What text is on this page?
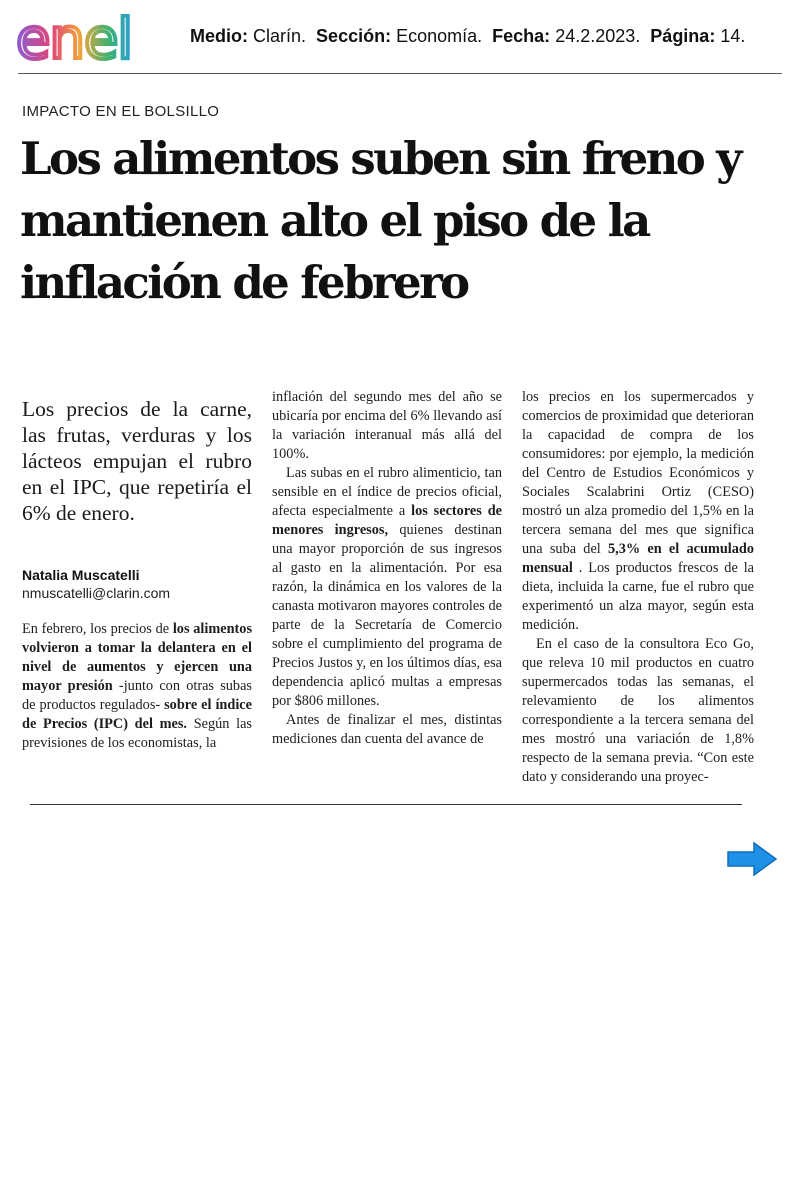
enel	Medio: Clarín. Sección: Economía. Fecha: 24.2.2023. Página: 14.
IMPACTO EN EL BOLSILLO
Los alimentos suben sin freno y mantienen alto el piso de la inflación de febrero

Los precios de la carne, las frutas, verduras y los lácteos empujan el rubro en el IPC, que repetiría el 6% de enero.

Natalia Muscatelli
nmuscatelli@clarin.com

En febrero, los precios de los alimentos volvieron a tomar la delantera en el nivel de aumentos y ejercen una mayor presión -junto con otras subas de productos regulados- sobre el índice de Precios (IPC) del mes. Según las previsiones de los economistas, la

inflación del segundo mes del año se ubicaría por encima del 6% llevando así la variación interanual más allá del 100%.

Las subas en el rubro alimenticio, tan sensible en el índice de precios oficial, afecta especialmente a los sectores de menores ingresos, quienes destinan una mayor proporción de sus ingresos al gasto en la alimentación. Por esa razón, la dinámica en los valores de la canasta motivaron mayores controles de parte de la Secretaría de Comercio sobre el cumplimiento del programa de Precios Justos y, en los últimos días, esa dependencia aplicó multas a empresas por $806 millones.

Antes de finalizar el mes, distintas mediciones dan cuenta del avance de

los precios en los supermercados y comercios de proximidad que deterioran la capacidad de compra de los consumidores: por ejemplo, la medición del Centro de Estudios Económicos y Sociales Scalabrini Ortiz (CESO) mostró un alza promedio del 1,5% en la tercera semana del mes que significa una suba del 5,3% en el acumulado mensual . Los productos frescos de la dieta, incluida la carne, fue el rubro que experimentó un alza mayor, según esta medición.

En el caso de la consultora Eco Go, que releva 10 mil productos en cuatro supermercados todas las semanas, el relevamiento de los alimentos correspondiente a la tercera semana del mes mostró una variación de 1,8% respecto de la semana previa. “Con este dato y considerando una proyec-
